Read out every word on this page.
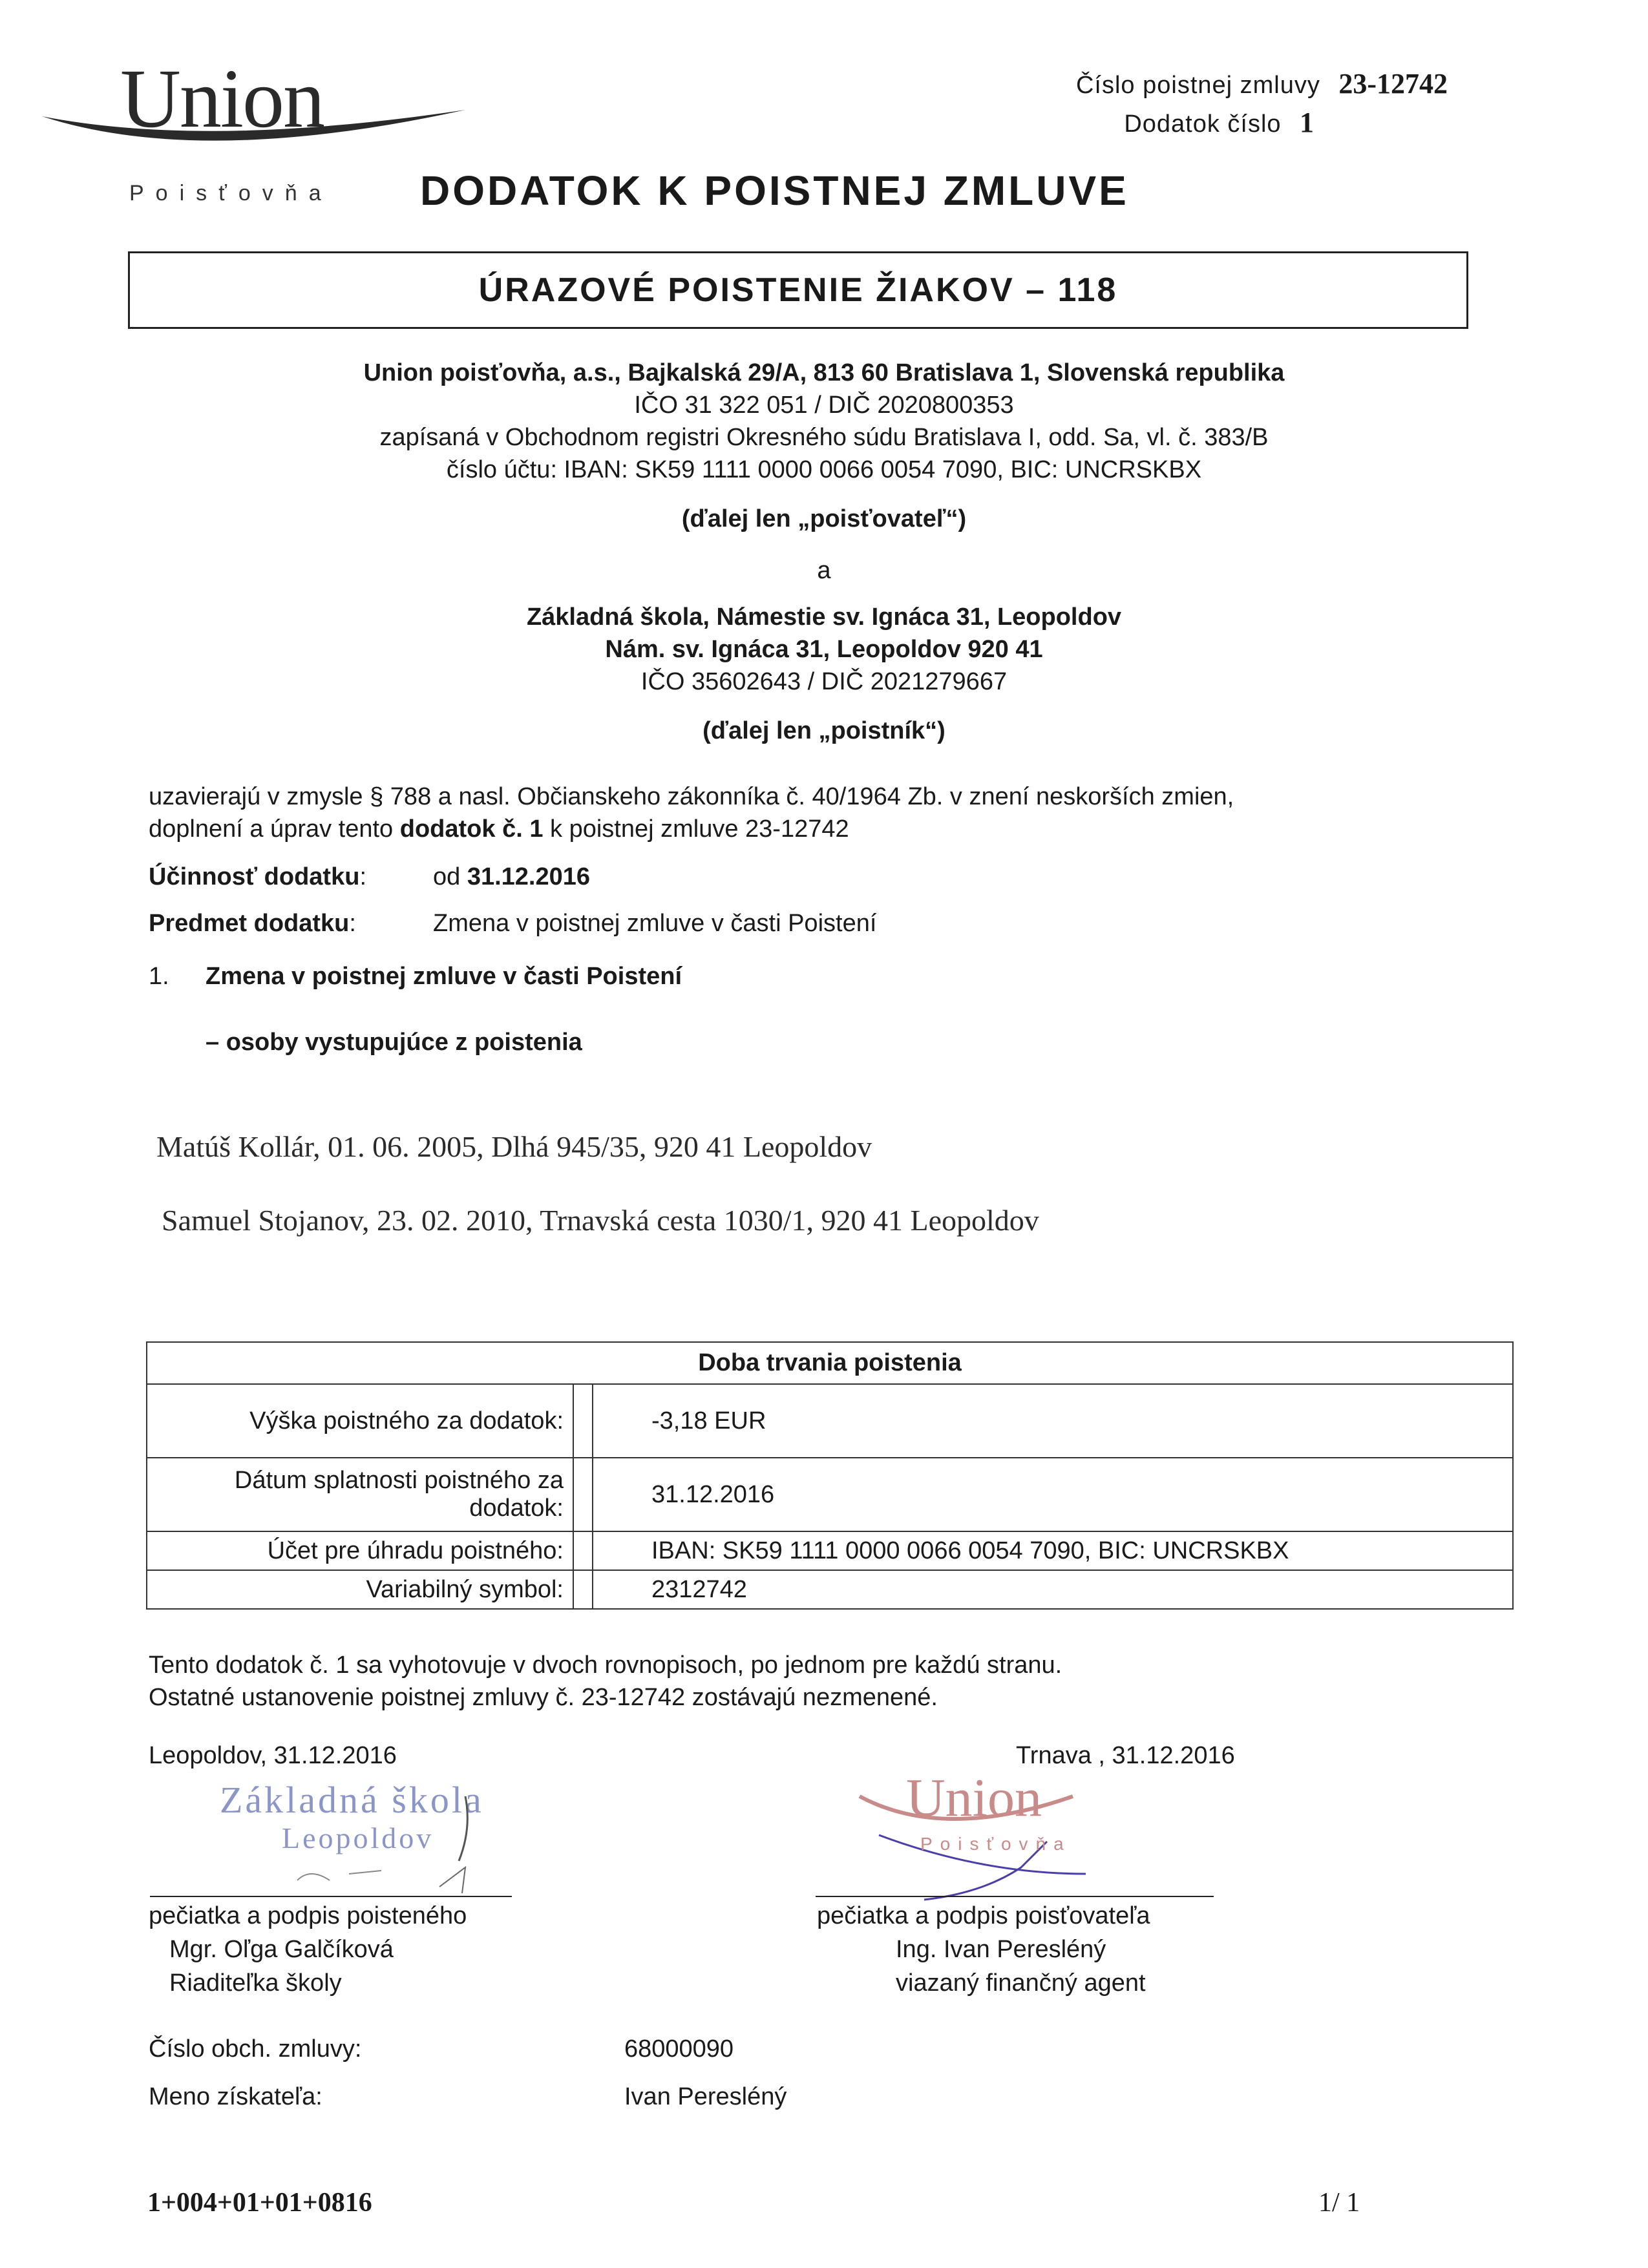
Union
Poisťovňa
Číslo poistnej zmluvy 23-12742
Dodatok číslo 1
DODATOK K POISTNEJ ZMLUVE
ÚRAZOVÉ POISTENIE ŽIAKOV – 118
Union poisťovňa, a.s., Bajkalská 29/A, 813 60 Bratislava 1, Slovenská republika
IČO 31 322 051 / DIČ 2020800353
zapísaná v Obchodnom registri Okresného súdu Bratislava I, odd. Sa, vl. č. 383/B
číslo účtu: IBAN: SK59 1111 0000 0066 0054 7090, BIC: UNCRSKBX
(ďalej len „poisťovateľ“)
a
Základná škola, Námestie sv. Ignáca 31, Leopoldov
Nám. sv. Ignáca 31, Leopoldov 920 41
IČO 35602643 / DIČ 2021279667
(ďalej len „poistník“)
uzavierajú v zmysle § 788 a nasl. Občianskeho zákonníka č. 40/1964 Zb. v znení neskorších zmien,
doplnení a úprav tento dodatok č. 1 k poistnej zmluve 23-12742
Účinnosť dodatku:	od 31.12.2016
Predmet dodatku:	Zmena v poistnej zmluve v časti Poistení
1. Zmena v poistnej zmluve v časti Poistení
– osoby vystupujúce z poistenia
Matúš Kollár, 01. 06. 2005, Dlhá 945/35, 920 41 Leopoldov
Samuel Stojanov, 23. 02. 2010, Trnavská cesta 1030/1, 920 41 Leopoldov
Doba trvania poistenia		
Výška poistného za dodatok:		-3,18 EUR
Dátum splatnosti poistného za dodatok:		31.12.2016
Účet pre úhradu poistného:		IBAN: SK59 1111 0000 0066 0054 7090, BIC: UNCRSKBX
Variabilný symbol:		2312742
Tento dodatok č. 1 sa vyhotovuje v dvoch rovnopisoch, po jednom pre každú stranu.
Ostatné ustanovenie poistnej zmluvy č. 23-12742 zostávajú nezmenené.
Leopoldov, 31.12.2016
Základná škola
Leopoldov
pečiatka a podpis poisteného
Mgr. Oľga Galčíková
Riaditeľka školy
Trnava , 31.12.2016
Union
Poisťovňa
pečiatka a podpis poisťovateľa
Ing. Ivan Peresléný
viazaný finančný agent
Číslo obch. zmluvy:	68000090
Meno získateľa:	Ivan Peresléný
1+004+01+01+0816	1/ 1
